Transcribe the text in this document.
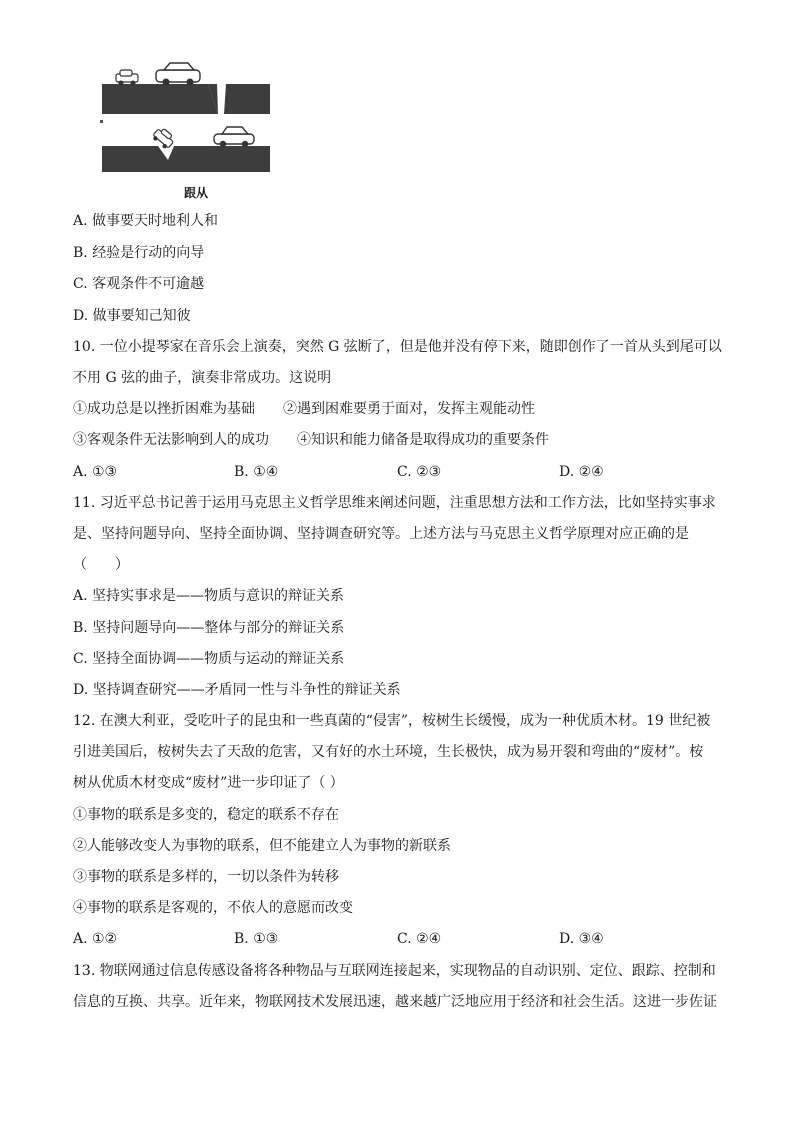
跟从
A. 做事要天时地利人和
B. 经验是行动的向导
C. 客观条件不可逾越
D. 做事要知己知彼
10. 一位小提琴家在音乐会上演奏，突然 G 弦断了，但是他并没有停下来，随即创作了一首从头到尾可以
不用 G 弦的曲子，演奏非常成功。这说明
①成功总是以挫折困难为基础　　②遇到困难要勇于面对，发挥主观能动性
③客观条件无法影响到人的成功　　④知识和能力储备是取得成功的重要条件
A. ①③	B. ①④	C. ②③	D. ②④
11. 习近平总书记善于运用马克思主义哲学思维来阐述问题，注重思想方法和工作方法，比如坚持实事求
是、坚持问题导向、坚持全面协调、坚持调查研究等。上述方法与马克思主义哲学原理对应正确的是
（　　）
A. 坚持实事求是——物质与意识的辩证关系
B. 坚持问题导向——整体与部分的辩证关系
C. 坚持全面协调——物质与运动的辩证关系
D. 坚持调查研究——矛盾同一性与斗争性的辩证关系
12. 在澳大利亚，受吃叶子的昆虫和一些真菌的“侵害”，桉树生长缓慢，成为一种优质木材。19 世纪被
引进美国后，桉树失去了天敌的危害，又有好的水土环境，生长极快，成为易开裂和弯曲的“废材”。桉
树从优质木材变成“废材”进一步印证了（ ）
①事物的联系是多变的，稳定的联系不存在
②人能够改变人为事物的联系，但不能建立人为事物的新联系
③事物的联系是多样的，一切以条件为转移
④事物的联系是客观的，不依人的意愿而改变
A. ①②	B. ①③	C. ②④	D. ③④
13. 物联网通过信息传感设备将各种物品与互联网连接起来，实现物品的自动识别、定位、跟踪、控制和
信息的互换、共享。近年来，物联网技术发展迅速，越来越广泛地应用于经济和社会生活。这进一步佐证
